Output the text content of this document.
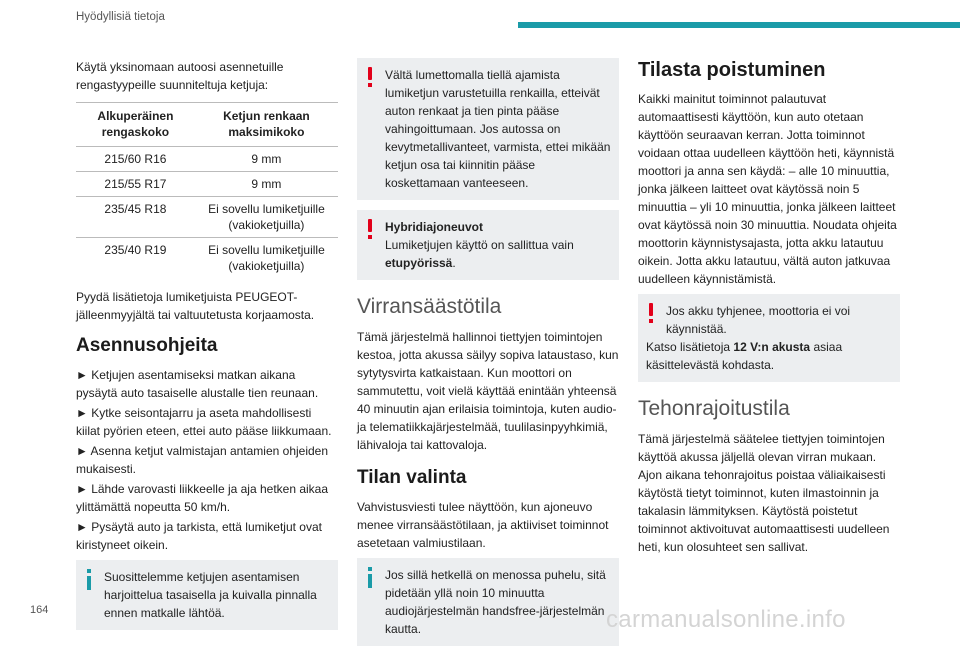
Hyödyllisiä tietoja

Käytä yksinomaan autoosi asennetuille rengastyypeille suunniteltuja ketjuja:

Alkuperäinen rengaskoko	Ketjun renkaan maksimikoko
215/60 R16	9 mm
215/55 R17	9 mm
235/45 R18	Ei sovellu lumiketjuille (vakioketjuilla)
235/40 R19	Ei sovellu lumiketjuille (vakioketjuilla)

Pyydä lisätietoja lumiketjuista PEUGEOT-jälleenmyyjältä tai valtuutetusta korjaamosta.

Asennusohjeita

► Ketjujen asentamiseksi matkan aikana pysäytä auto tasaiselle alustalle tien reunaan.

► Kytke seisontajarru ja aseta mahdollisesti kiilat pyörien eteen, ettei auto pääse liikkumaan.

► Asenna ketjut valmistajan antamien ohjeiden mukaisesti.

► Lähde varovasti liikkeelle ja aja hetken aikaa ylittämättä nopeutta 50 km/h.

► Pysäytä auto ja tarkista, että lumiketjut ovat kiristyneet oikein.

Suosittelemme ketjujen asentamisen harjoittelua tasaisella ja kuivalla pinnalla ennen matkalle lähtöä.
Vältä lumettomalla tiellä ajamista lumiketjun varustetuilla renkailla, etteivät auton renkaat ja tien pinta pääse vahingoittumaan. Jos autossa on kevytmetallivanteet, varmista, ettei mikään ketjun osa tai kiinnitin pääse koskettamaan vanteeseen.
Hybridiajoneuvot
Lumiketjujen käyttö on sallittua vain etupyörissä.
Virransäästötila

Tämä järjestelmä hallinnoi tiettyjen toimintojen kestoa, jotta akussa säilyy sopiva lataustaso, kun sytytysvirta katkaistaan. Kun moottori on sammutettu, voit vielä käyttää enintään yhteensä 40 minuutin ajan erilaisia toimintoja, kuten audio- ja telematiikkajärjestelmää, tuulilasinpyyhkimiä, lähivaloja tai kattovaloja.

Tilan valinta

Vahvistusviesti tulee näyttöön, kun ajoneuvo menee virransäästötilaan, ja aktiiviset toiminnot asetetaan valmiustilaan.

Jos sillä hetkellä on menossa puhelu, sitä pidetään yllä noin 10 minuutta audiojärjestelmän handsfree-järjestelmän kautta.
Tilasta poistuminen

Kaikki mainitut toiminnot palautuvat automaattisesti käyttöön, kun auto otetaan käyttöön seuraavan kerran. Jotta toiminnot voidaan ottaa uudelleen käyttöön heti, käynnistä moottori ja anna sen käydä: – alle 10 minuuttia, jonka jälkeen laitteet ovat käytössä noin 5 minuuttia – yli 10 minuuttia, jonka jälkeen laitteet ovat käytössä noin 30 minuuttia. Noudata ohjeita moottorin käynnistysajasta, jotta akku latautuu oikein. Jotta akku latautuu, vältä auton jatkuvaa uudelleen käynnistämistä.

Jos akku tyhjenee, moottoria ei voi käynnistää.
Katso lisätietoja 12 V:n akusta asiaa käsittelevästä kohdasta.
Tehonrajoitustila

Tämä järjestelmä säätelee tiettyjen toimintojen käyttöä akussa jäljellä olevan virran mukaan. Ajon aikana tehonrajoitus poistaa väliaikaisesti käytöstä tietyt toiminnot, kuten ilmastoinnin ja takalasin lämmityksen. Käytöstä poistetut toiminnot aktivoituvat automaattisesti uudelleen heti, kun olosuhteet sen sallivat.

164	carmanualsonline.info
